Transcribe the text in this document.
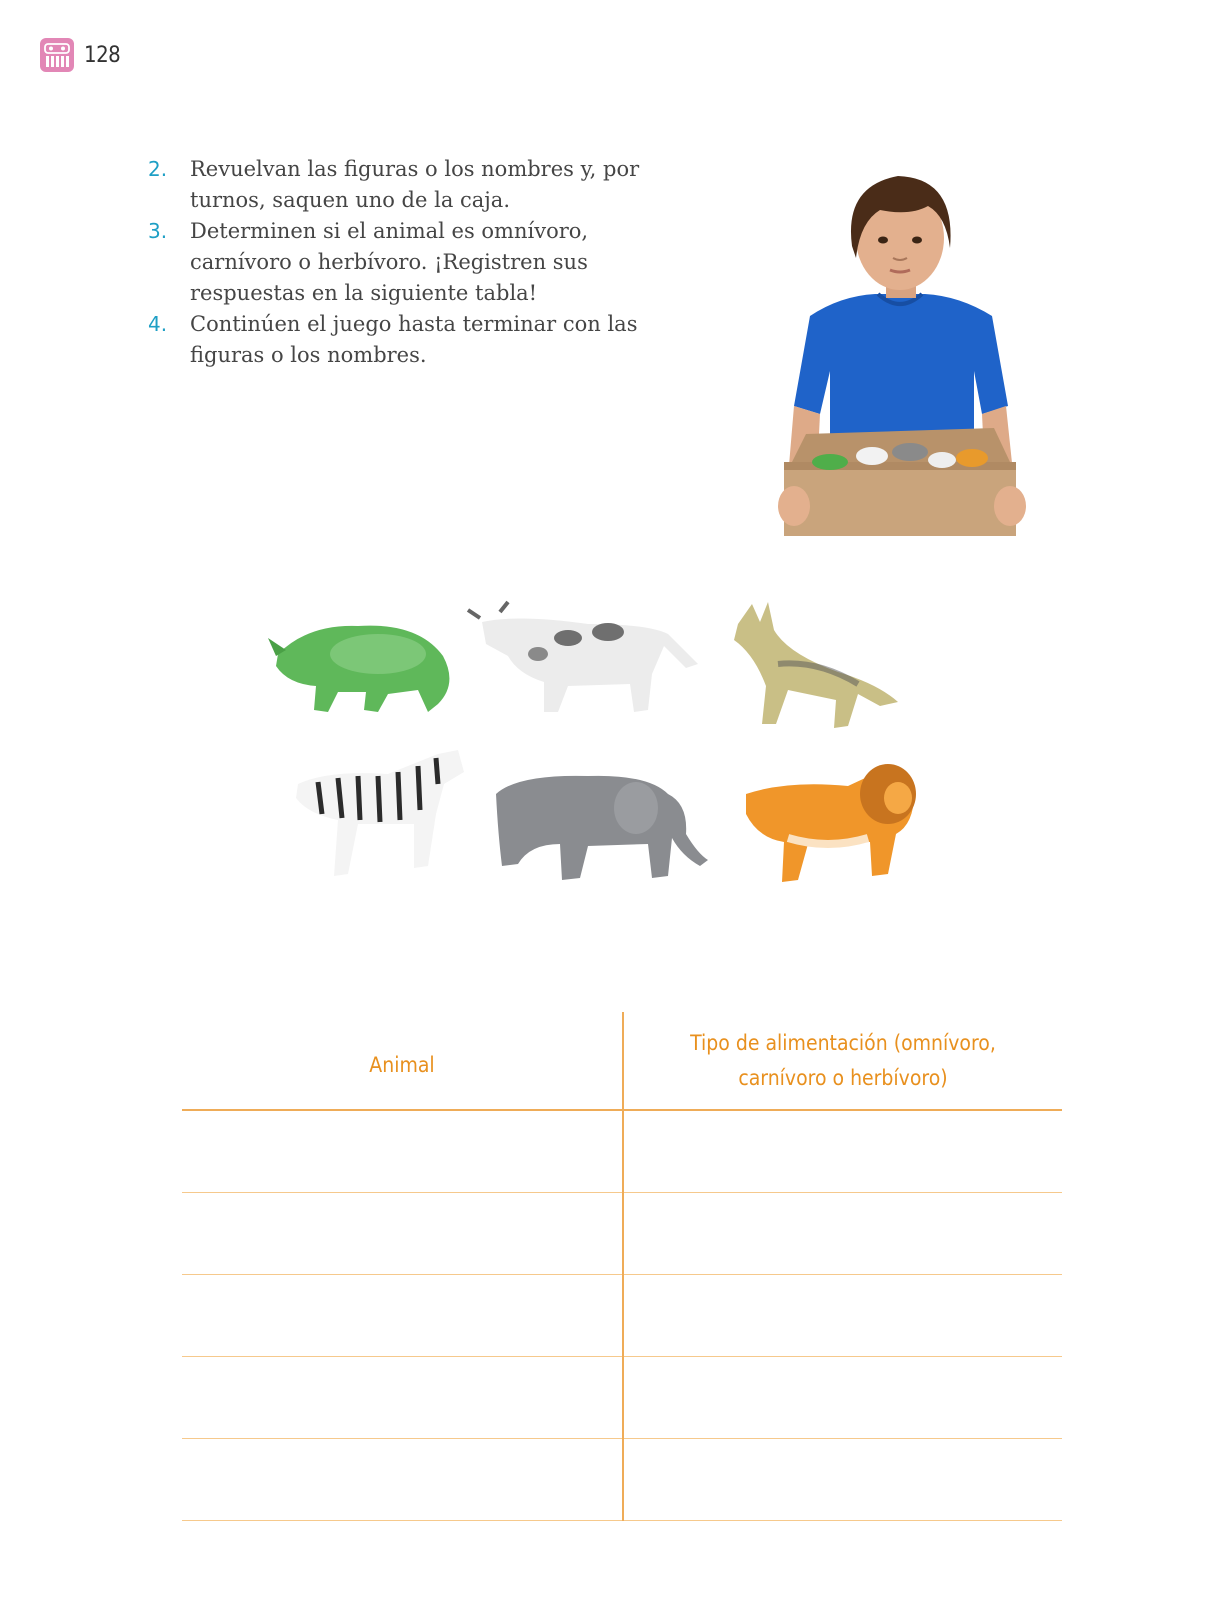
128
2.	Revuelvan las figuras o los nombres y, por turnos, saquen uno de la caja.
3.	Determinen si el animal es omnívoro, carnívoro o herbívoro. ¡Registren sus respuestas en la siguiente tabla!
4.	Continúen el juego hasta terminar con las figuras o los nombres.
Animal	Tipo de alimentación (omnívoro, carnívoro o herbívoro)
